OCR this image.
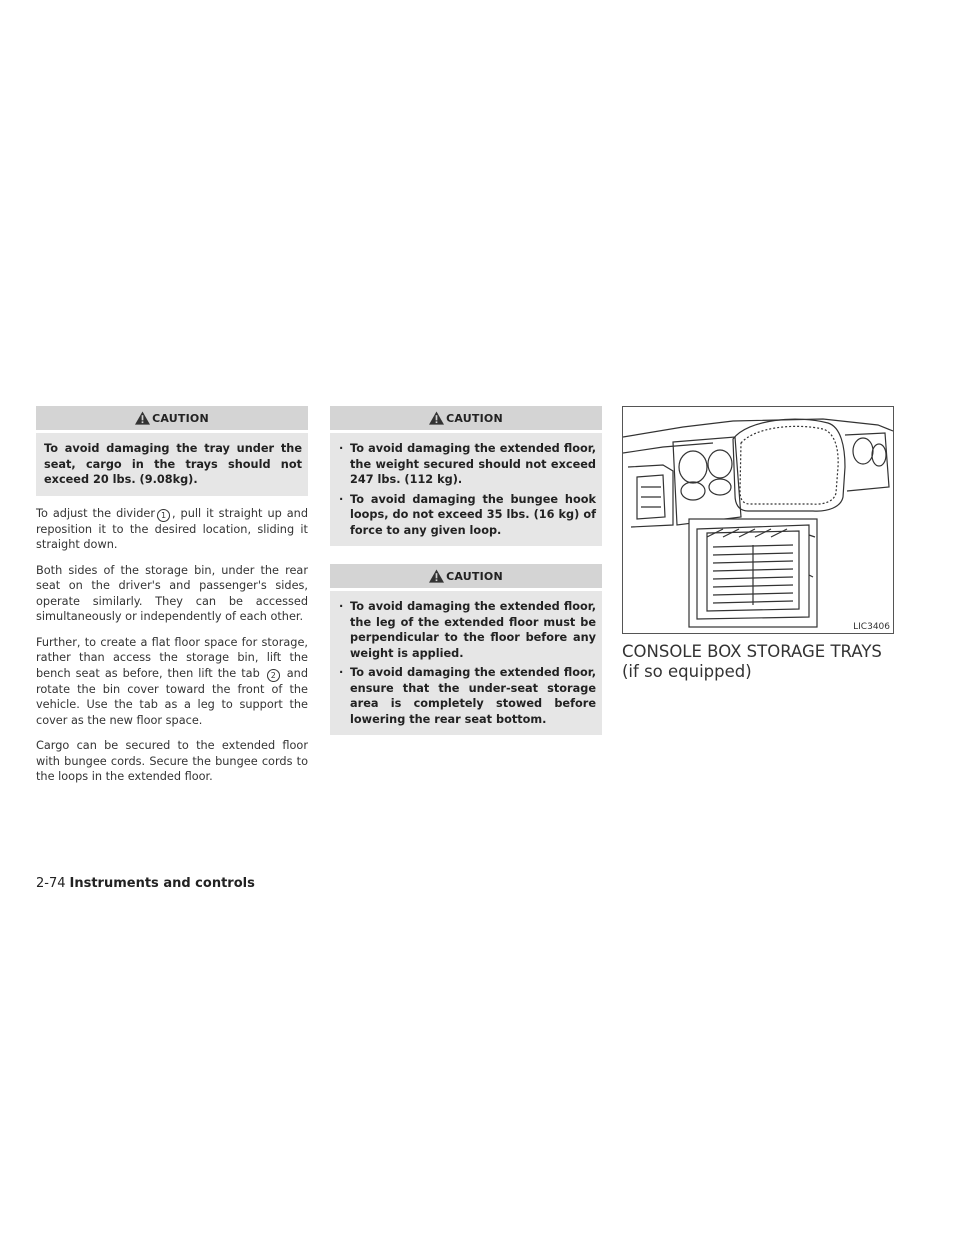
CAUTION

To avoid damaging the tray under the seat, cargo in the trays should not exceed 20 lbs. (9.08kg).

To adjust the divider 1 , pull it straight up and reposition it to the desired location, sliding it straight down.

Both sides of the storage bin, under the rear seat on the driver's and passenger's sides, operate similarly. They can be accessed simultaneously or independently of each other.

Further, to create a flat floor space for storage, rather than access the storage bin, lift the bench seat as before, then lift the tab 2 and rotate the bin cover toward the front of the vehicle. Use the tab as a leg to support the cover as the new floor space.

Cargo can be secured to the extended floor with bungee cords. Secure the bungee cords to the loops in the extended floor.

CAUTION
· To avoid damaging the extended floor, the weight secured should not exceed 247 lbs. (112 kg).
· To avoid damaging the bungee hook loops, do not exceed 35 lbs. (16 kg) of force to any given loop.
CAUTION
· To avoid damaging the extended floor, the leg of the extended floor must be perpendicular to the floor before any weight is applied.
· To avoid damaging the extended floor, ensure that the under-seat storage area is completely stowed before lowering the rear seat bottom.
LIC3406
CONSOLE BOX STORAGE TRAYS (if so equipped)
2-74 Instruments and controls
